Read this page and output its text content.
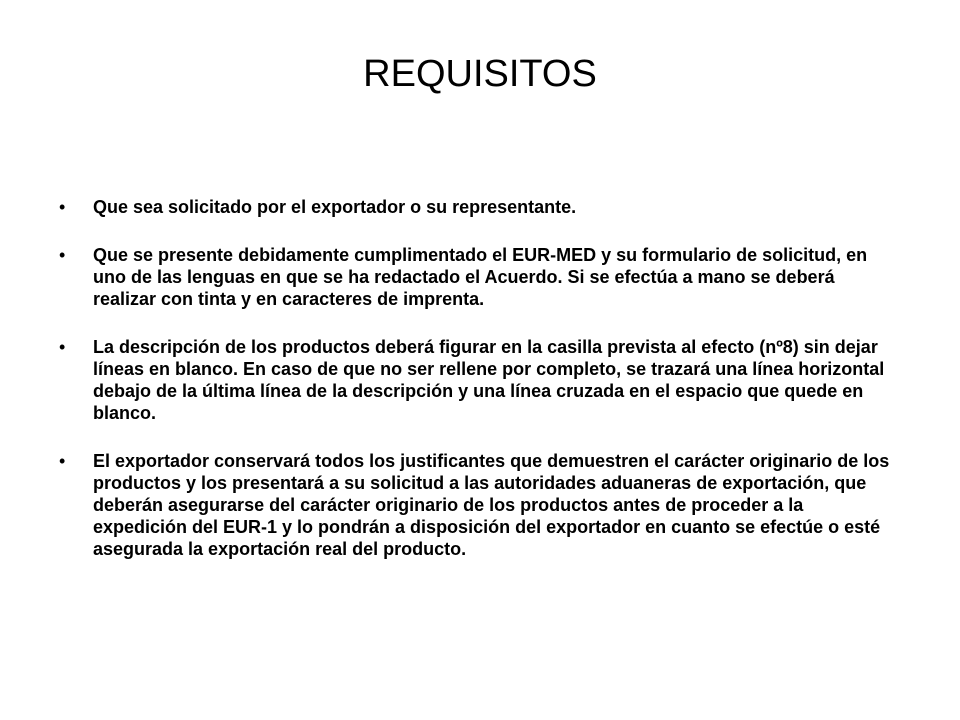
REQUISITOS
• Que sea solicitado por el exportador o su representante.
• Que se presente debidamente cumplimentado el EUR-MED y su formulario de solicitud, en uno de las lenguas en que se ha redactado el Acuerdo. Si se efectúa a mano se deberá realizar con tinta y en caracteres de imprenta.
• La descripción de los productos deberá figurar en la casilla prevista al efecto (nº8) sin dejar líneas en blanco. En caso de que no ser rellene por completo, se trazará una línea horizontal debajo de la última línea de la descripción y una línea cruzada en el espacio que quede en blanco.
• El exportador conservará todos los justificantes que demuestren el carácter originario de los productos y los presentará a su solicitud a las autoridades aduaneras de exportación, que deberán asegurarse del carácter originario de los productos antes de proceder a la expedición del EUR-1 y lo pondrán a disposición del exportador en cuanto se efectúe o esté asegurada la exportación real del producto.
